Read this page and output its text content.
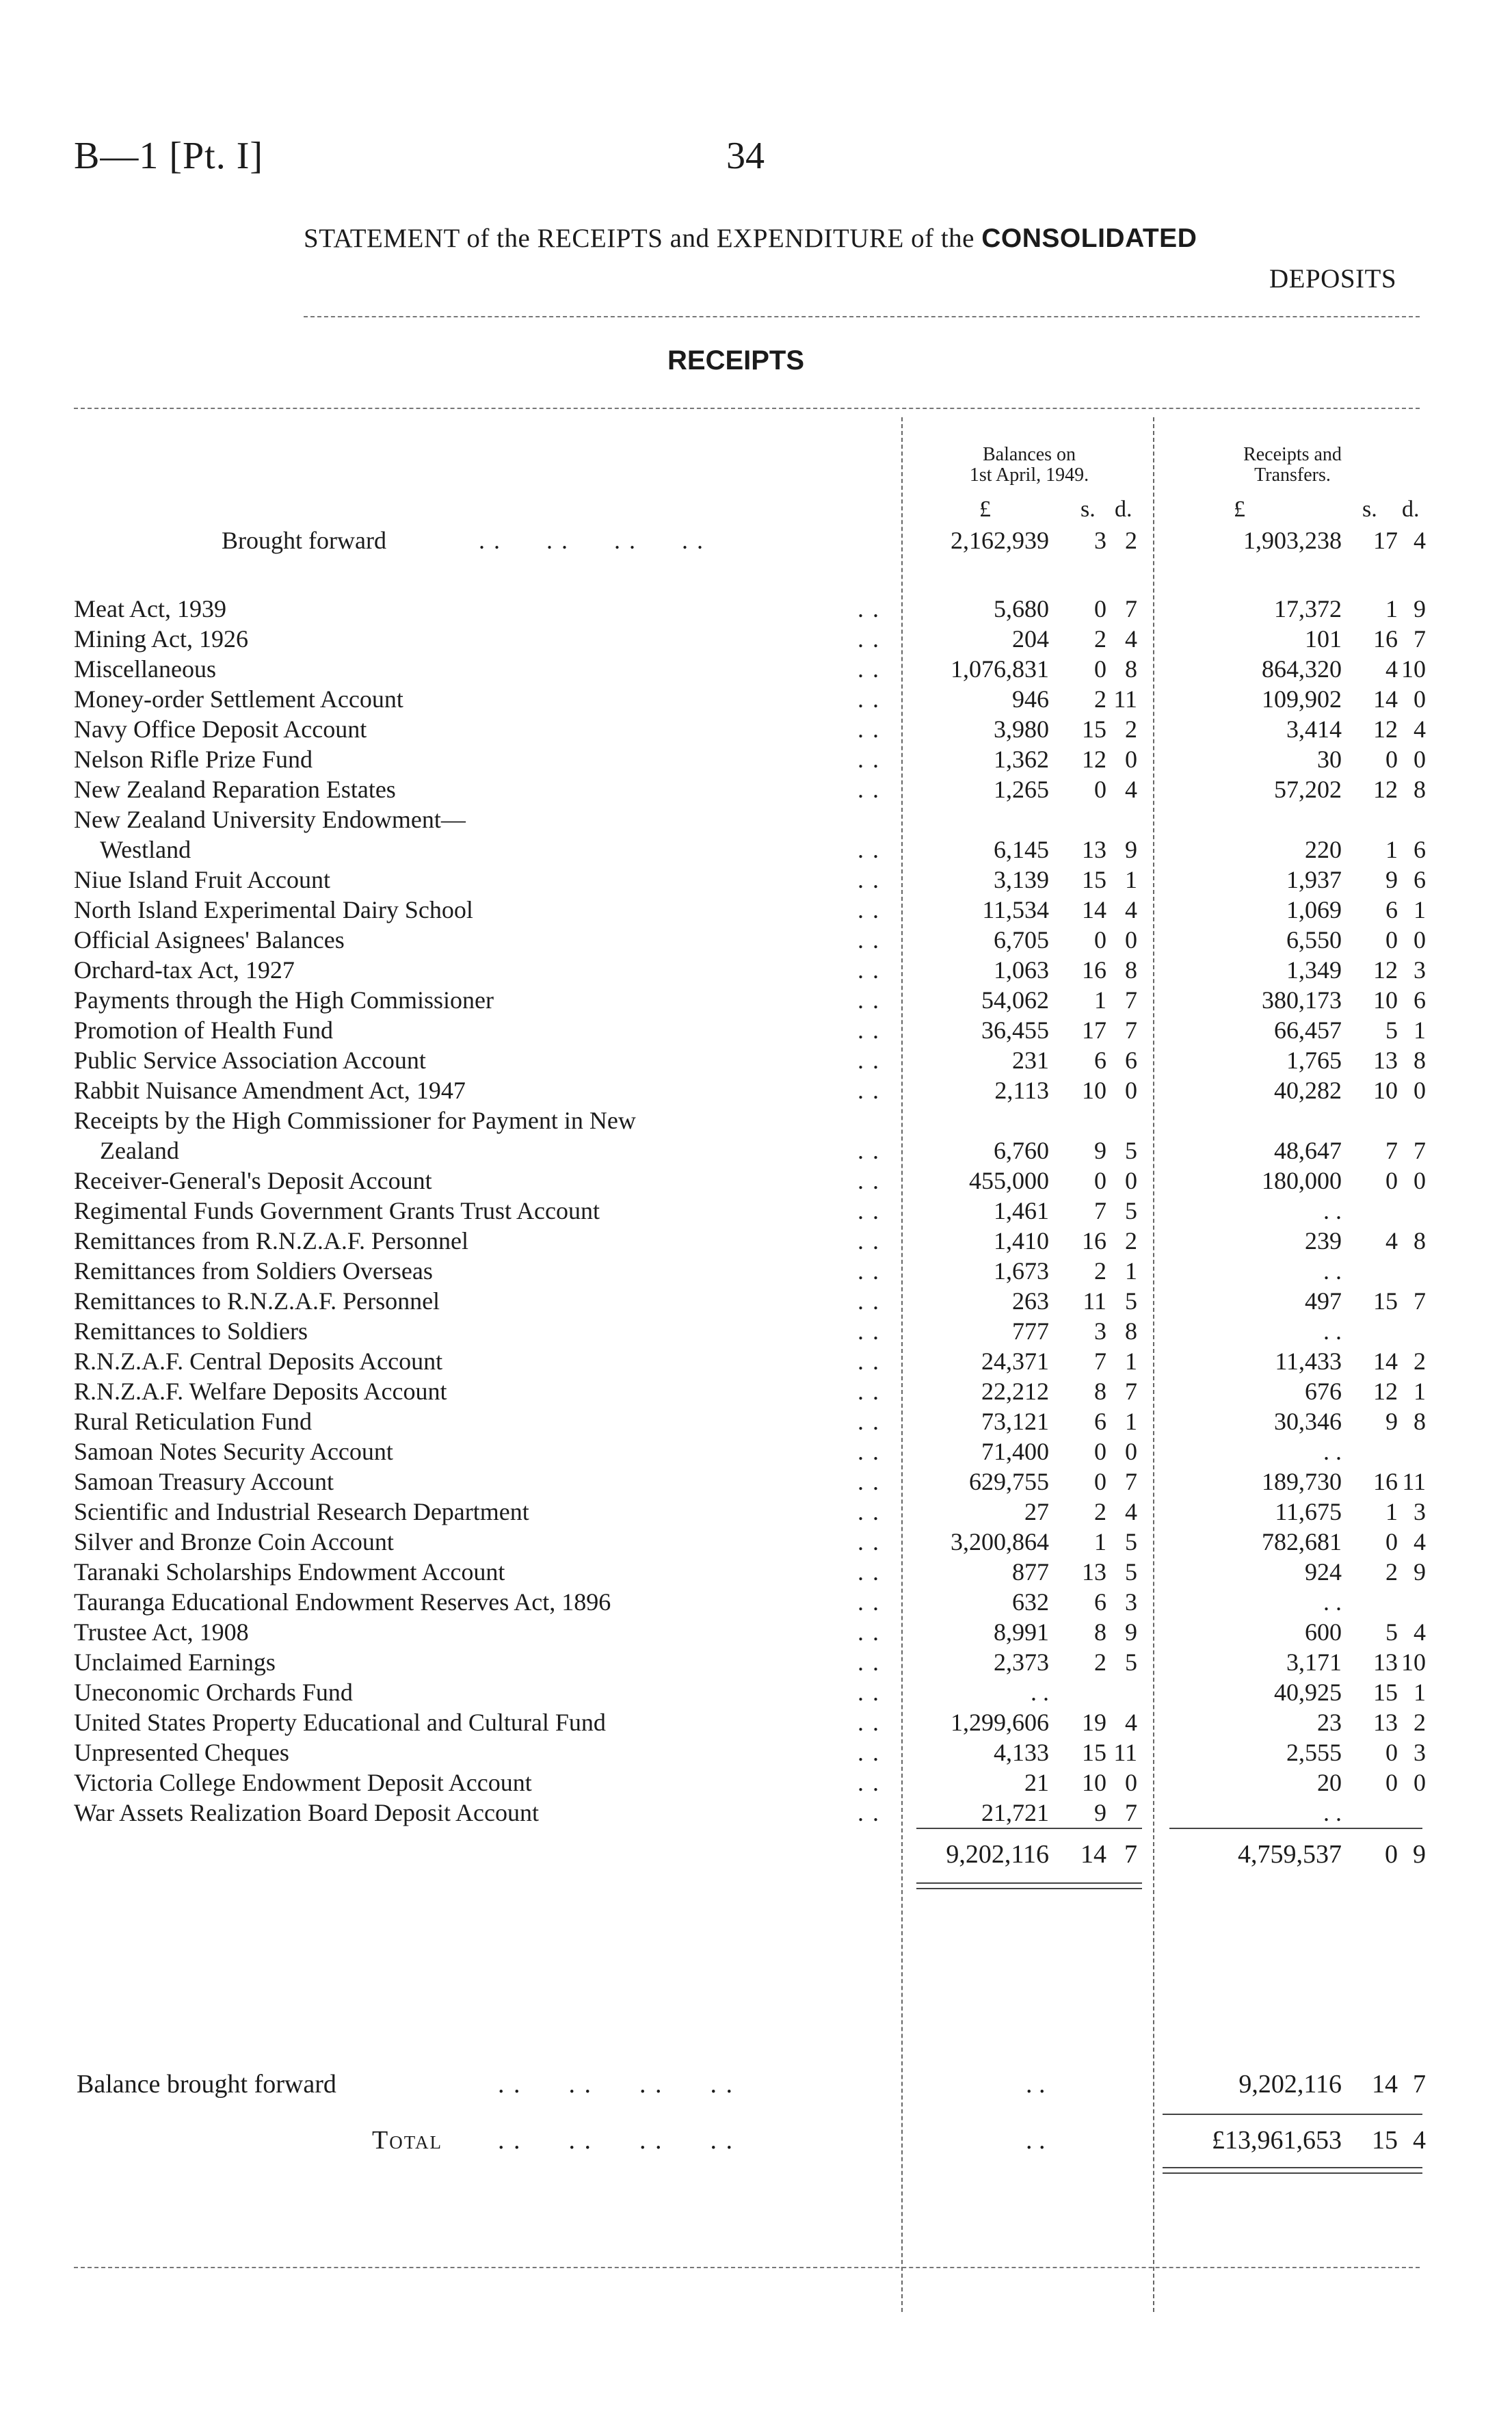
B—1 [Pt. I]	34
STATEMENT of the RECEIPTS and EXPENDITURE of the CONSOLIDATED
DEPOSITS
RECEIPTS
Balances on
1st April, 1949.
Receipts and
Transfers.
£	s. d.	£	s. d.
Brought forward	. .      . .      . .      . .	2,162,939 3 2	1,903,238 17 4
Meat Act, 1939	. .	5,680 0 7	17,372 1 9
Mining Act, 1926	. .	204 2 4	101 16 7
Miscellaneous	. .	1,076,831 0 8	864,320 4 10
Money-order Settlement Account	. .	946 2 11	109,902 14 0
Navy Office Deposit Account	. .	3,980 15 2	3,414 12 4
Nelson Rifle Prize Fund	. .	1,362 12 0	30 0 0
New Zealand Reparation Estates	. .	1,265 0 4	57,202 12 8
New Zealand University Endowment—
Westland	. .	6,145 13 9	220 1 6
Niue Island Fruit Account	. .	3,139 15 1	1,937 9 6
North Island Experimental Dairy School	. .	11,534 14 4	1,069 6 1
Official Asignees' Balances	. .	6,705 0 0	6,550 0 0
Orchard-tax Act, 1927	. .	1,063 16 8	1,349 12 3
Payments through the High Commissioner	. .	54,062 1 7	380,173 10 6
Promotion of Health Fund	. .	36,455 17 7	66,457 5 1
Public Service Association Account	. .	231 6 6	1,765 13 8
Rabbit Nuisance Amendment Act, 1947	. .	2,113 10 0	40,282 10 0
Receipts by the High Commissioner for Payment in New
Zealand	. .	6,760 9 5	48,647 7 7
Receiver-General's Deposit Account	. .	455,000 0 0	180,000 0 0
Regimental Funds Government Grants Trust Account	. .	1,461 7 5	. .
Remittances from R.N.Z.A.F. Personnel	. .	1,410 16 2	239 4 8
Remittances from Soldiers Overseas	. .	1,673 2 1	. .
Remittances to R.N.Z.A.F. Personnel	. .	263 11 5	497 15 7
Remittances to Soldiers	. .	777 3 8	. .
R.N.Z.A.F. Central Deposits Account	. .	24,371 7 1	11,433 14 2
R.N.Z.A.F. Welfare Deposits Account	. .	22,212 8 7	676 12 1
Rural Reticulation Fund	. .	73,121 6 1	30,346 9 8
Samoan Notes Security Account	. .	71,400 0 0	. .
Samoan Treasury Account	. .	629,755 0 7	189,730 16 11
Scientific and Industrial Research Department	. .	27 2 4	11,675 1 3
Silver and Bronze Coin Account	. .	3,200,864 1 5	782,681 0 4
Taranaki Scholarships Endowment Account	. .	877 13 5	924 2 9
Tauranga Educational Endowment Reserves Act, 1896	. .	632 6 3	. .
Trustee Act, 1908	. .	8,991 8 9	600 5 4
Unclaimed Earnings	. .	2,373 2 5	3,171 13 10
Uneconomic Orchards Fund	. .	. .	40,925 15 1
United States Property Educational and Cultural Fund	. .	1,299,606 19 4	23 13 2
Unpresented Cheques	. .	4,133 15 11	2,555 0 3
Victoria College Endowment Deposit Account	. .	21 10 0	20 0 0
War Assets Realization Board Deposit Account	. .	21,721 9 7	. .
9,202,116 14 7	4,759,537 0 9
Balance brought forward	. .      . .      . .      . .	. .	9,202,116 14 7
Total . .      . .      . .      . .	. .	£13,961,653 15 4
